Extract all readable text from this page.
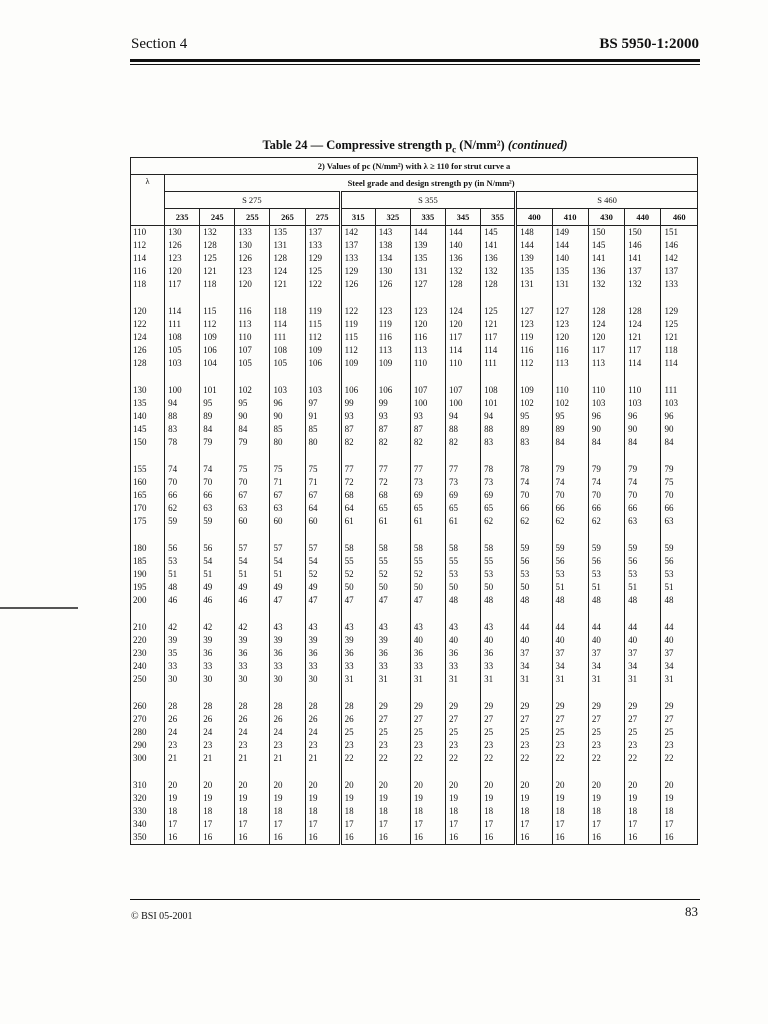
Section 4	BS 5950-1:2000
Table 24 — Compressive strength $p_c$ (N/mm²) (continued)
2) Values of pc (N/mm²) with λ ≥ 110 for strut curve a															
λ	Steel grade and design strength py (in N/mm²)														
	S 275					S 355					S 460				
	235	245	255	265	275	315	325	335	345	355	400	410	430	440	460
110	130	132	133	135	137	142	143	144	144	145	148	149	150	150	151
112	126	128	130	131	133	137	138	139	140	141	144	144	145	146	146
114	123	125	126	128	129	133	134	135	136	136	139	140	141	141	142
116	120	121	123	124	125	129	130	131	132	132	135	135	136	137	137
118	117	118	120	121	122	126	126	127	128	128	131	131	132	132	133

120	114	115	116	118	119	122	123	123	124	125	127	127	128	128	129
122	111	112	113	114	115	119	119	120	120	121	123	123	124	124	125
124	108	109	110	111	112	115	116	116	117	117	119	120	120	121	121
126	105	106	107	108	109	112	113	113	114	114	116	116	117	117	118
128	103	104	105	105	106	109	109	110	110	111	112	113	113	114	114

130	100	101	102	103	103	106	106	107	107	108	109	110	110	110	111
135	94	95	95	96	97	99	99	100	100	101	102	102	103	103	103
140	88	89	90	90	91	93	93	93	94	94	95	95	96	96	96
145	83	84	84	85	85	87	87	87	88	88	89	89	90	90	90
150	78	79	79	80	80	82	82	82	82	83	83	84	84	84	84

155	74	74	75	75	75	77	77	77	77	78	78	79	79	79	79
160	70	70	70	71	71	72	72	73	73	73	74	74	74	74	75
165	66	66	67	67	67	68	68	69	69	69	70	70	70	70	70
170	62	63	63	63	64	64	65	65	65	65	66	66	66	66	66
175	59	59	60	60	60	61	61	61	61	62	62	62	62	63	63

180	56	56	57	57	57	58	58	58	58	58	59	59	59	59	59
185	53	54	54	54	54	55	55	55	55	55	56	56	56	56	56
190	51	51	51	51	52	52	52	52	53	53	53	53	53	53	53
195	48	49	49	49	49	50	50	50	50	50	50	51	51	51	51
200	46	46	46	47	47	47	47	47	48	48	48	48	48	48	48

210	42	42	42	43	43	43	43	43	43	43	44	44	44	44	44
220	39	39	39	39	39	39	39	40	40	40	40	40	40	40	40
230	35	36	36	36	36	36	36	36	36	36	37	37	37	37	37
240	33	33	33	33	33	33	33	33	33	33	34	34	34	34	34
250	30	30	30	30	30	31	31	31	31	31	31	31	31	31	31

260	28	28	28	28	28	28	29	29	29	29	29	29	29	29	29
270	26	26	26	26	26	26	27	27	27	27	27	27	27	27	27
280	24	24	24	24	24	25	25	25	25	25	25	25	25	25	25
290	23	23	23	23	23	23	23	23	23	23	23	23	23	23	23
300	21	21	21	21	21	22	22	22	22	22	22	22	22	22	22

310	20	20	20	20	20	20	20	20	20	20	20	20	20	20	20
320	19	19	19	19	19	19	19	19	19	19	19	19	19	19	19
330	18	18	18	18	18	18	18	18	18	18	18	18	18	18	18
340	17	17	17	17	17	17	17	17	17	17	17	17	17	17	17
350	16	16	16	16	16	16	16	16	16	16	16	16	16	16	16
© BSI 05-2001	83
